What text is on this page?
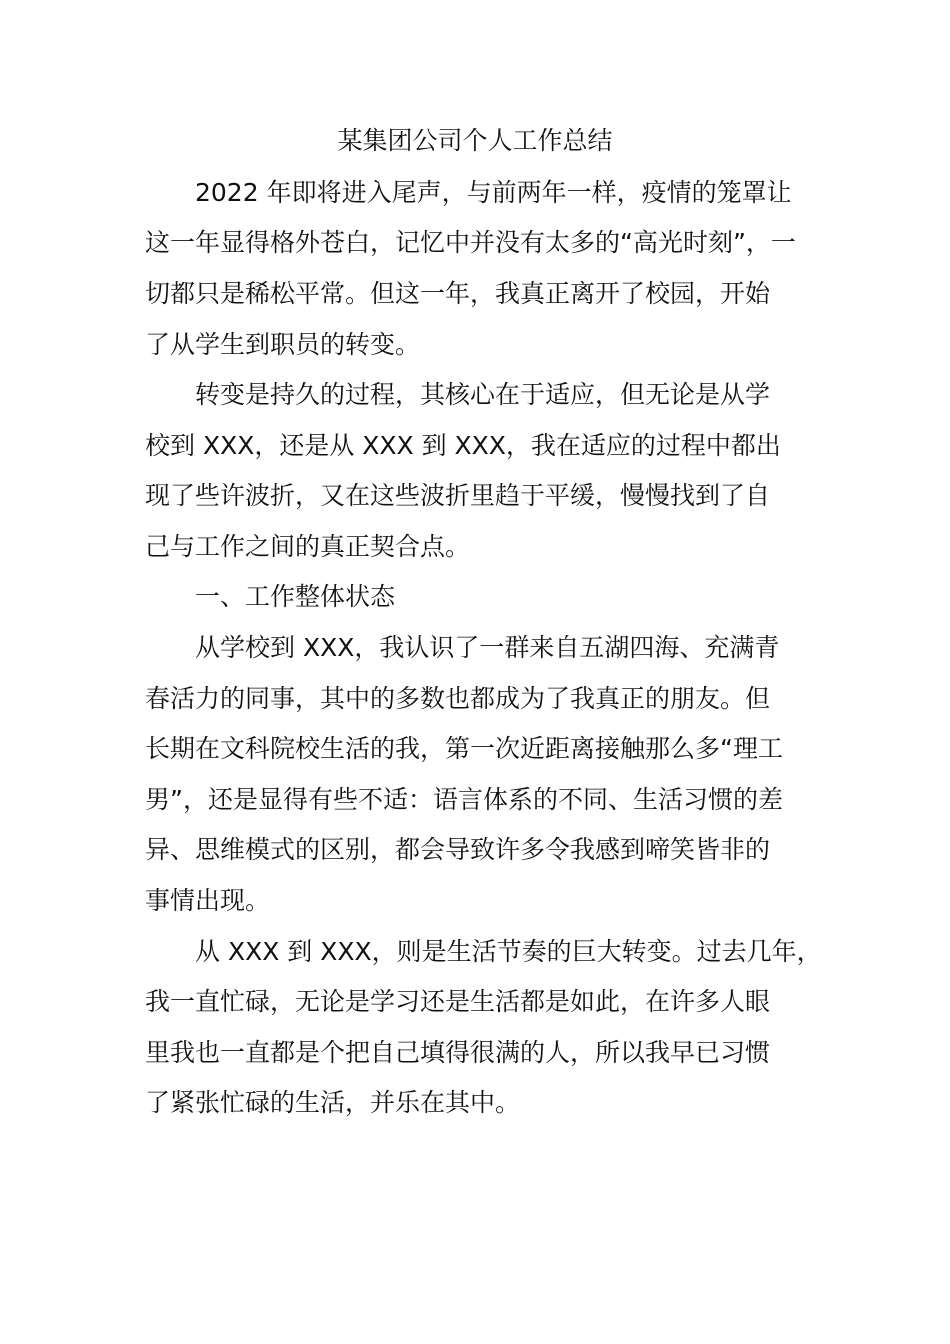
某集团公司个人工作总结

2022 年即将进入尾声，与前两年一样，疫情的笼罩让

这一年显得格外苍白，记忆中并没有太多的“高光时刻”，一

切都只是稀松平常。但这一年，我真正离开了校园，开始

了从学生到职员的转变。

转变是持久的过程，其核心在于适应，但无论是从学

校到 XXX，还是从 XXX 到 XXX，我在适应的过程中都出

现了些许波折，又在这些波折里趋于平缓，慢慢找到了自

己与工作之间的真正契合点。

一、工作整体状态

从学校到 XXX，我认识了一群来自五湖四海、充满青

春活力的同事，其中的多数也都成为了我真正的朋友。但

长期在文科院校生活的我，第一次近距离接触那么多“理工

男”，还是显得有些不适：语言体系的不同、生活习惯的差

异、思维模式的区别，都会导致许多令我感到啼笑皆非的

事情出现。

从 XXX 到 XXX，则是生活节奏的巨大转变。过去几年，

我一直忙碌，无论是学习还是生活都是如此，在许多人眼

里我也一直都是个把自己填得很满的人，所以我早已习惯

了紧张忙碌的生活，并乐在其中。
